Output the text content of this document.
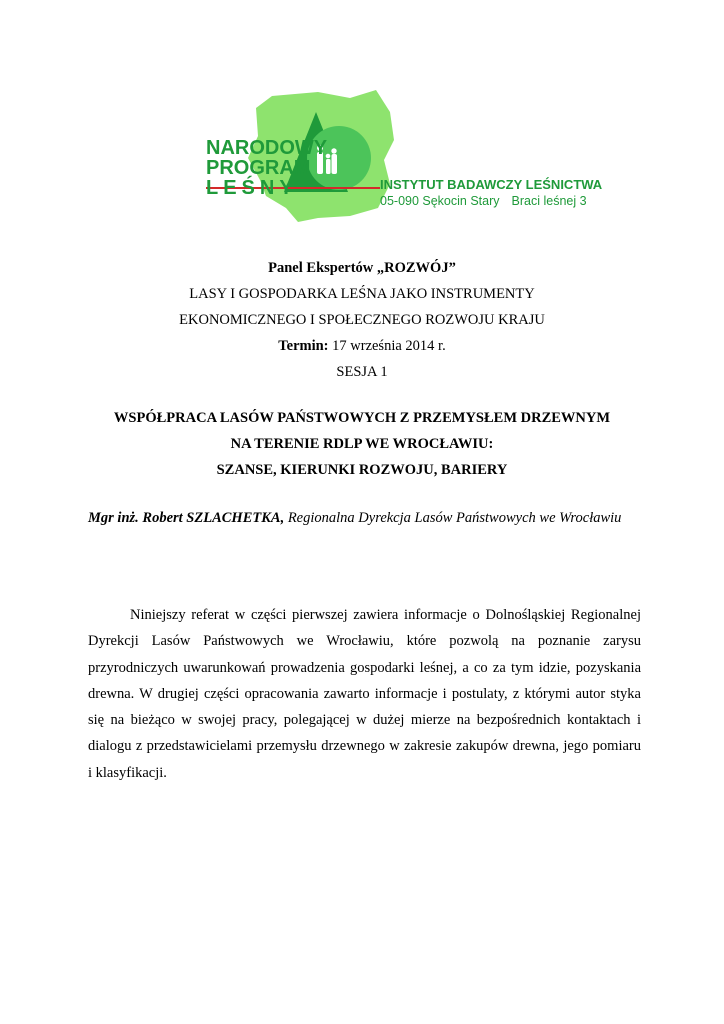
NARODOWY
PROGRAM
LEŚNY	INSTYTUT BADAWCZY LEŚNICTWA
05-090 Sękocin Stary Braci leśnej 3
Panel Ekspertów „ROZWÓJ”
LASY I GOSPODARKA LEŚNA JAKO INSTRUMENTY
EKONOMICZNEGO I SPOŁECZNEGO ROZWOJU KRAJU
Termin: 17 września 2014 r.
SESJA 1
WSPÓŁPRACA LASÓW PAŃSTWOWYCH Z PRZEMYSŁEM DRZEWNYM
NA TERENIE RDLP WE WROCŁAWIU:
SZANSE, KIERUNKI ROZWOJU, BARIERY
Mgr inż. Robert SZLACHETKA, Regionalna Dyrekcja Lasów Państwowych we Wrocławiu

Niniejszy referat w części pierwszej zawiera informacje o Dolnośląskiej Regionalnej Dyrekcji Lasów Państwowych we Wrocławiu, które pozwolą na poznanie zarysu przyrodniczych uwarunkowań prowadzenia gospodarki leśnej, a co za tym idzie, pozyskania drewna. W drugiej części opracowania zawarto informacje i postulaty, z którymi autor styka się na bieżąco w swojej pracy, polegającej w dużej mierze na bezpośrednich kontaktach i dialogu z przedstawicielami przemysłu drzewnego w zakresie zakupów drewna, jego pomiaru i klasyfikacji.
